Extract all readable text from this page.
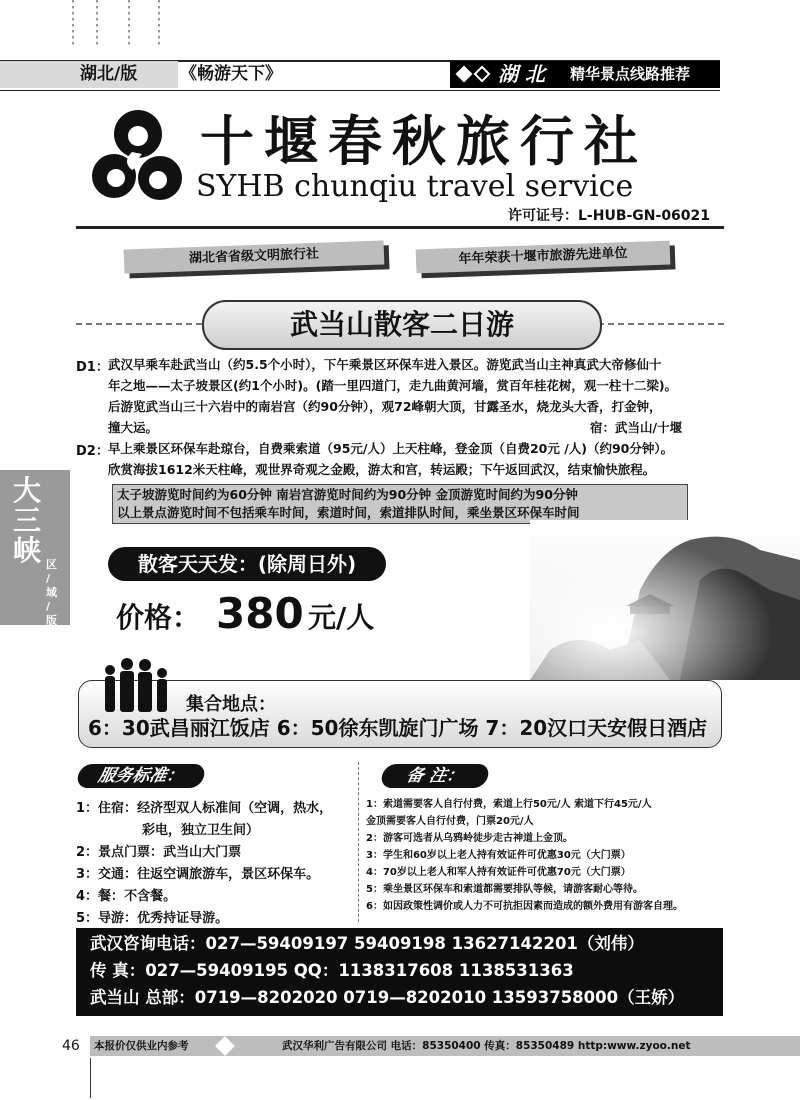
湖北/版	《畅游天下》	湖 北 精华景点线路推荐
十堰春秋旅行社
SYHB chunqiu travel service
许可证号：L-HUB-GN-06021
湖北省省级文明旅行社	年年荣获十堰市旅游先进单位
武当山散客二日游
D1： 武汉早乘车赴武当山（约5.5个小时），下午乘景区环保车进入景区。游览武当山主神真武大帝修仙十
年之地——太子坡景区(约1个小时)。(踏一里四道门，走九曲黄河墙，赏百年桂花树，观一柱十二梁)。
后游览武当山三十六岩中的南岩宫（约90分钟），观72峰朝大顶，甘露圣水，烧龙头大香，打金钟，
撞大运。	宿：武当山/十堰
D2： 早上乘景区环保车赴琼台，自费乘索道（95元/人）上天柱峰，登金顶（自费20元 /人)（约90分钟）。
欣赏海拔1612米天柱峰，观世界奇观之金殿，游太和宫，转运殿；下午返回武汉，结束愉快旅程。
太子坡游览时间约为60分钟 南岩宫游览时间约为90分钟 金顶游览时间约为90分钟
以上景点游览时间不包括乘车时间，索道时间，索道排队时间，乘坐景区环保车时间
大
三
峡 区
/
域
/
版
散客天天发：(除周日外)
价格： 380 元/人
集合地点：
6：30武昌丽江饭店 6：50徐东凯旋门广场 7：20汉口天安假日酒店
服务标准：
1：住宿：经济型双人标准间（空调，热水，
彩电，独立卫生间）
2：景点门票：武当山大门票
3：交通：往返空调旅游车，景区环保车。
4：餐：不含餐。
5：导游：优秀持证导游。
备 注：
1：索道需要客人自行付费，索道上行50元/人 索道下行45元/人
金顶需要客人自行付费，门票20元/人
2：游客可选者从乌鸦岭徒步走古神道上金顶。
3：学生和60岁以上老人持有效证件可优惠30元（大门票）
4：70岁以上老人和军人持有效证件可优惠70元（大门票）
5：乘坐景区环保车和索道都需要排队等候，请游客耐心等待。
6：如因政策性调价或人力不可抗拒因素而造成的额外费用有游客自理。
武汉咨询电话：027—59409197 59409198 13627142201（刘伟）
传 真：027—59409195 QQ：1138317608 1138531363
武当山 总部：0719—8202020 0719—8202010 13593758000（王娇）
46 本报价仅供业内参考	武汉华利广告有限公司 电话：85350400 传真：85350489 http:www.zyoo.net
